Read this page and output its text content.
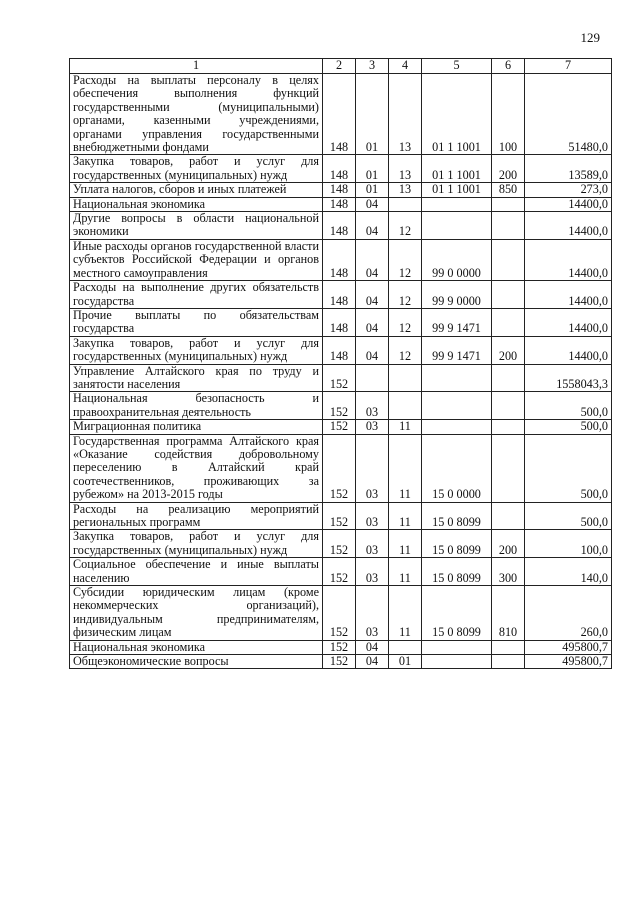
129
1	2	3	4	5	6	7
Расходы на выплаты персоналу в целях обеспечения выполнения функций государственными (муниципальными) органами, казенными учреждениями, органами управления государственными внебюджетными фондами	148	01	13	01 1 1001	100	51480,0
Закупка товаров, работ и услуг для государственных (муниципальных) нужд	148	01	13	01 1 1001	200	13589,0
Уплата налогов, сборов и иных платежей	148	01	13	01 1 1001	850	273,0
Национальная экономика	148	04				14400,0
Другие вопросы в области национальной экономики	148	04	12			14400,0
Иные расходы органов государственной власти субъектов Российской Федерации и органов местного самоуправления	148	04	12	99 0 0000		14400,0
Расходы на выполнение других обязательств государства	148	04	12	99 9 0000		14400,0
Прочие выплаты по обязательствам государства	148	04	12	99 9 1471		14400,0
Закупка товаров, работ и услуг для государственных (муниципальных) нужд	148	04	12	99 9 1471	200	14400,0
Управление Алтайского края по труду и занятости населения	152					1558043,3
Национальная безопасность и правоохранительная деятельность	152	03				500,0
Миграционная политика	152	03	11			500,0
Государственная программа Алтайского края «Оказание содействия добровольному переселению в Алтайский край соотечественников, проживающих за рубежом» на 2013-2015 годы	152	03	11	15 0 0000		500,0
Расходы на реализацию мероприятий региональных программ	152	03	11	15 0 8099		500,0
Закупка товаров, работ и услуг для государственных (муниципальных) нужд	152	03	11	15 0 8099	200	100,0
Социальное обеспечение и иные выплаты населению	152	03	11	15 0 8099	300	140,0
Субсидии юридическим лицам (кроме некоммерческих организаций), индивидуальным предпринимателям, физическим лицам	152	03	11	15 0 8099	810	260,0
Национальная экономика	152	04				495800,7
Общеэкономические вопросы	152	04	01			495800,7
